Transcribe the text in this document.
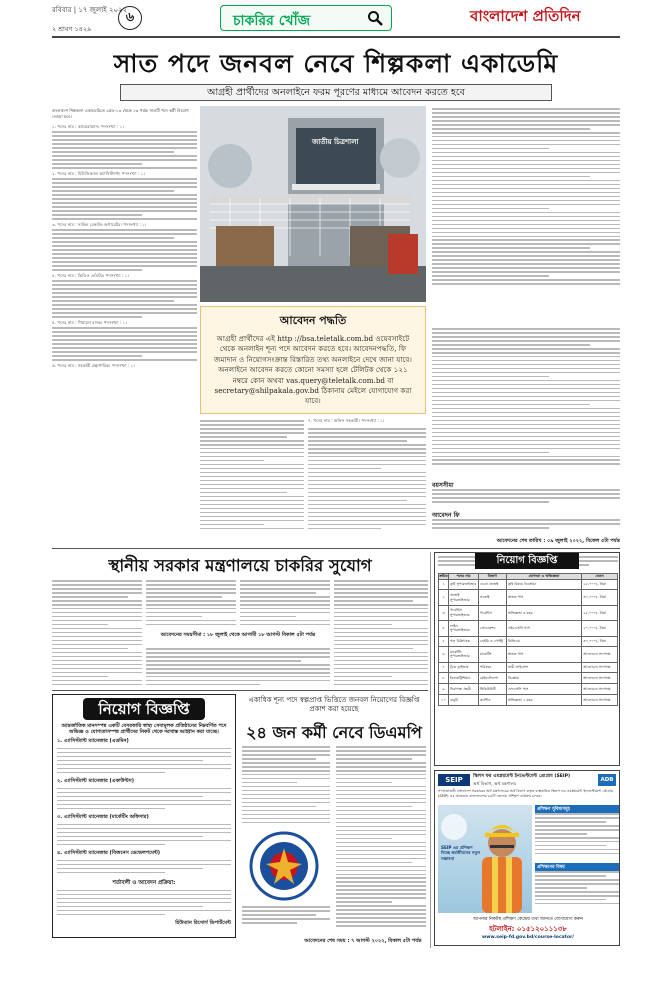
রবিবার | ১৭ জুলাই ২০২২
২ শ্রাবণ ১৪২৯
৬	চাকরির খোঁজ	বাংলাদেশ প্রতিদিন
সাত পদে জনবল নেবে শিল্পকলা একাডেমি
আগ্রহী প্রার্থীদের অনলাইনে ফরম পূরণের মাধ্যমে আবেদন করতে হবে
বাংলাদেশ শিল্পকলা একাডেমিতে গ্রেড-১৩ থেকে ১৬ পর্যন্ত সাতটি পদে কর্মী নিয়োগ দেওয়া হবে।

১. পদের নাম : ক্যামেরাম্যান। পদসংখ্যা : ১।

২. পদের নাম : মিউজিক্যাল অ্যাসিস্ট্যান্ট। পদসংখ্যা : ১।

৩. পদের নাম : সাউন্ড রেকর্ডিং অপারেটর। পদসংখ্যা : ১।

৪. পদের নাম : ভিডিও এডিটর। পদসংখ্যা : ১।

৫. পদের নাম : পিয়ানো বাদক। পদসংখ্যা : ১।

৬. পদের নাম : সহকারী গ্রন্থাগারিক। পদসংখ্যা : ১।

জাতীয় চিত্রশালা
আবেদন পদ্ধতি
আগ্রহী প্রার্থীদের এই http ://bsa.teletalk.com.bd ওয়েবসাইটে থেকে অনলাইন শূন্য পদে আবেদন করতে হবে। আবেদনপদ্ধতি, ফি জমাদান ও নিয়োগসংক্রান্ত বিস্তারিত তথ্য অনলাইনে দেখে জানা যাবে। অনলাইনে আবেদন করতে কোনো সমস্যা হলে টেলিটক থেকে ১২১ নম্বরে কোন অথবা vas.query@teletalk.com.bd বা secretary@shilpakala.gov.bd ঠিকানায় মেইলে যোগাযোগ করা যাবে।

৭. পদের নাম : অফিস সহকারী। পদসংখ্যা : ১।

বয়সসীমা
আবেদন ফি
আবেদনের শেষ তারিখ : ০৯ জুলাই ২০২২, বিকেল ৫টা পর্যন্ত
স্থানীয় সরকার মন্ত্রণালয়ে চাকরির সুযোগ
আবেদনের সময়সীমা : ১৮ জুলাই থেকে আগামী ১৮ আগস্ট বিকাল ৫টা পর্যন্ত
নিয়োগ বিজ্ঞপ্তি
আন্তর্জাতিক মানসম্পন্ন একটি বেসরকারি স্বাস্থ্য সেবামূলক প্রতিষ্ঠানের নিম্নবর্ণিত পদে অভিজ্ঞ ও যোগ্যতাসম্পন্ন প্রার্থীদের নিকট থেকে দরখাস্ত আহ্বান করা যাচ্ছে।
১. এ্যাসিস্ট্যান্ট ম্যানেজার (এডমিন)
২. এ্যাসিস্ট্যান্ট ম্যানেজার (একাউন্টস)
৩. এ্যাসিস্ট্যান্ট ম্যানেজার (মার্কেটিং অফিসার)
৪. এ্যাসিস্ট্যান্ট ম্যানেজার (বিজনেস ডেভেলপমেন্ট)
শর্তাবলী ও আবেদন প্রক্রিয়া:
হিউম্যান রিসোর্স ডিপার্টমেন্ট
একাধিক শূন্য পদে স্বল্পপ্রাপ্ত ভিত্তিতে জনবল নিয়োগের বিজ্ঞপ্তি প্রকাশ করা হয়েছে
২৪ জন কর্মী নেবে ডিএমপি
আবেদনের শেষ সময় : ৭ আগস্ট ২০২২, বিকাল ৫টা পর্যন্ত
নিয়োগ বিজ্ঞপ্তি
ক্রমিক	পদের নাম	বিভাগ	যোগ্যতা ও অভিজ্ঞতা	বেতন
১	কৃষি সুপারভাইজার	এগ্রো প্রজেক্ট	কৃষি বিষয়ে ডিপ্লোমা	২৫,০০০/- টাকা
২	প্রজেক্ট সুপারভাইজার	প্রজেক্ট	স্নাতক পাস	৩০,০০০/- টাকা
৩	গার্মেন্টস সুপারভাইজার	গার্মেন্টস	অভিজ্ঞতা ৩ বছর	২৫,০০০/- টাকা
৪	লাইন সুপারভাইজার	প্রোডাকশন	এইচএসসি পাস	২০,০০০/- টাকা
৫	পশু চিকিৎসক	ডেইরি ও পোল্ট্রি	ডিভিএম	৩০,০০০/- টাকা
৬	মার্কেটিং সুপারভাইজার	মার্কেটিং	স্নাতক পাস	আলোচনা সাপেক্ষে
৭	ট্রাক ড্রাইভার	পরিবহন	ভারী লাইসেন্স	আলোচনা সাপেক্ষে
৮	ইলেকট্রিশিয়ান	মেইনটেন্যান্স	ডিপ্লোমা	আলোচনা সাপেক্ষে
৯	নিরাপত্তা প্রহরী	সিকিউরিটি	এসএসসি পাস	আলোচনা সাপেক্ষে
১০	বাবুর্চি	ক্যান্টিন	অভিজ্ঞতা ২ বছর	আলোচনা সাপেক্ষে
SEIP	স্কিলস ফর এমপ্লয়মেন্ট ইনভেস্টমেন্ট প্রোগ্রাম (SEIP)
অর্থ বিভাগ, অর্থ মন্ত্রণালয়
ADB
গণপ্রজাতন্ত্রী বাংলাদেশ সরকারের অর্থ মন্ত্রণালয়ের অর্থ বিভাগ কর্তৃক বাস্তবায়িত স্কিলস ফর এমপ্লয়মেন্ট ইনভেস্টমেন্ট প্রোগ্রাম (SEIP) এর আওতায় বাংলাদেশের ৬৪টি জেলায় প্রশিক্ষণ কার্যক্রম চলছে।
SEIP এর প্রশিক্ষণ দিচ্ছে কর্মজীবনের নতুন সম্ভাবনা
প্রশিক্ষণ সুবিধাসমূহ
প্রশিক্ষণের বিষয়
আপনার নিকটস্থ প্রশিক্ষণ কেন্দ্রের তথ্য জানতে যোগাযোগ করুন
হটলাইন: ০১৫১২০১১১৩৮
www.seip-fd.gov.bd/course-locator/
